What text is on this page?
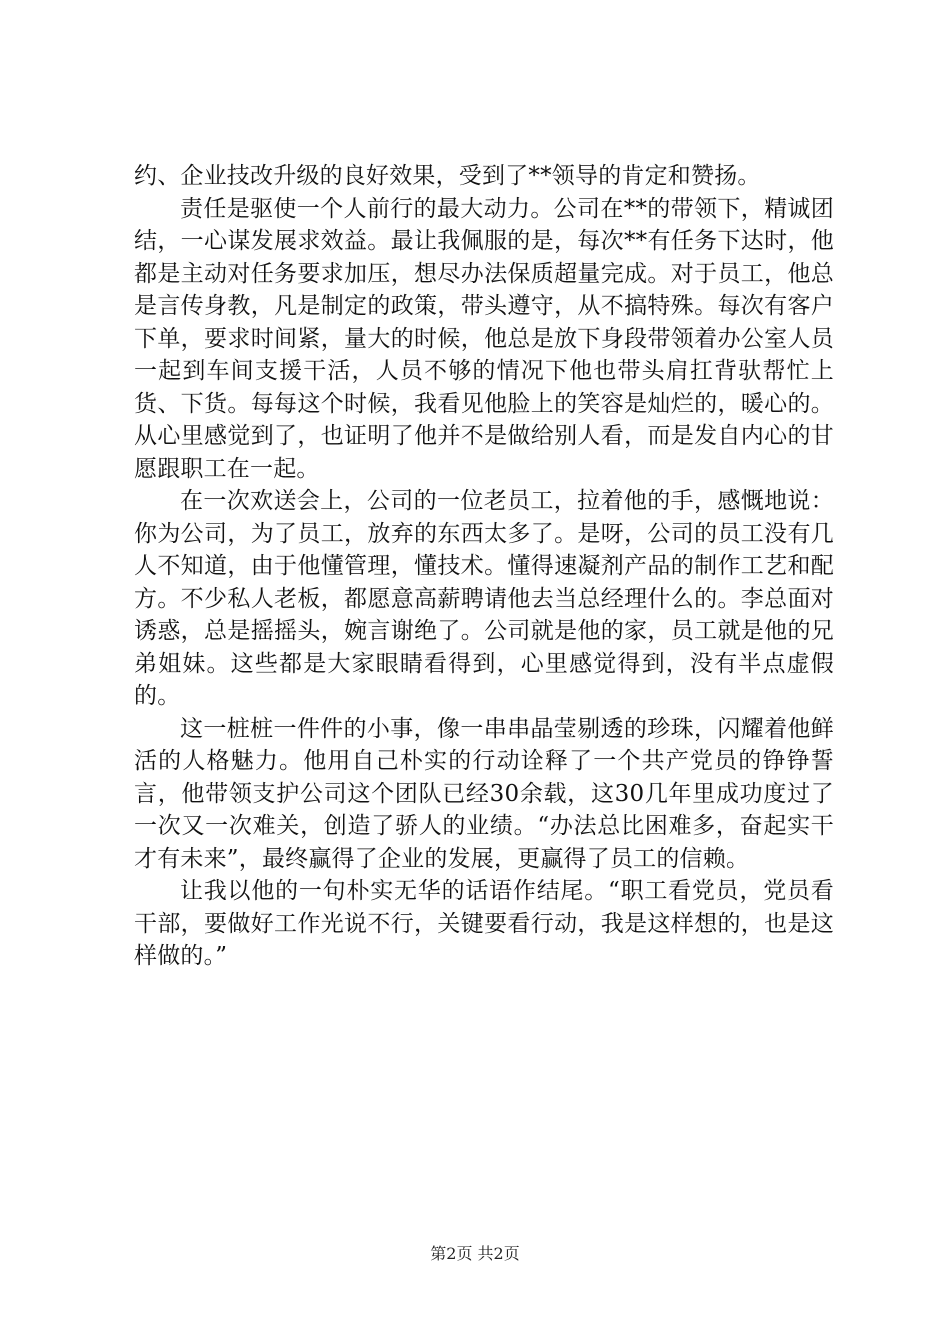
约、企业技改升级的良好效果，受到了**领导的肯定和赞扬。

责任是驱使一个人前行的最大动力。公司在**的带领下，精诚团结，一心谋发展求效益。最让我佩服的是，每次**有任务下达时，他都是主动对任务要求加压，想尽办法保质超量完成。对于员工，他总是言传身教，凡是制定的政策，带头遵守，从不搞特殊。每次有客户下单，要求时间紧，量大的时候，他总是放下身段带领着办公室人员一起到车间支援干活，人员不够的情况下他也带头肩扛背驮帮忙上货、下货。每每这个时候，我看见他脸上的笑容是灿烂的，暖心的。从心里感觉到了，也证明了他并不是做给别人看，而是发自内心的甘愿跟职工在一起。

在一次欢送会上，公司的一位老员工，拉着他的手，感慨地说：你为公司，为了员工，放弃的东西太多了。是呀，公司的员工没有几人不知道，由于他懂管理，懂技术。懂得速凝剂产品的制作工艺和配方。不少私人老板，都愿意高薪聘请他去当总经理什么的。李总面对诱惑，总是摇摇头，婉言谢绝了。公司就是他的家，员工就是他的兄弟姐妹。这些都是大家眼睛看得到，心里感觉得到，没有半点虚假的。

这一桩桩一件件的小事，像一串串晶莹剔透的珍珠，闪耀着他鲜活的人格魅力。他用自己朴实的行动诠释了一个共产党员的铮铮誓言，他带领支护公司这个团队已经30余载，这30几年里成功度过了一次又一次难关，创造了骄人的业绩。“办法总比困难多，奋起实干才有未来”，最终赢得了企业的发展，更赢得了员工的信赖。

让我以他的一句朴实无华的话语作结尾。“职工看党员，党员看干部，要做好工作光说不行，关键要看行动，我是这样想的，也是这样做的。”

第2页 共2页
